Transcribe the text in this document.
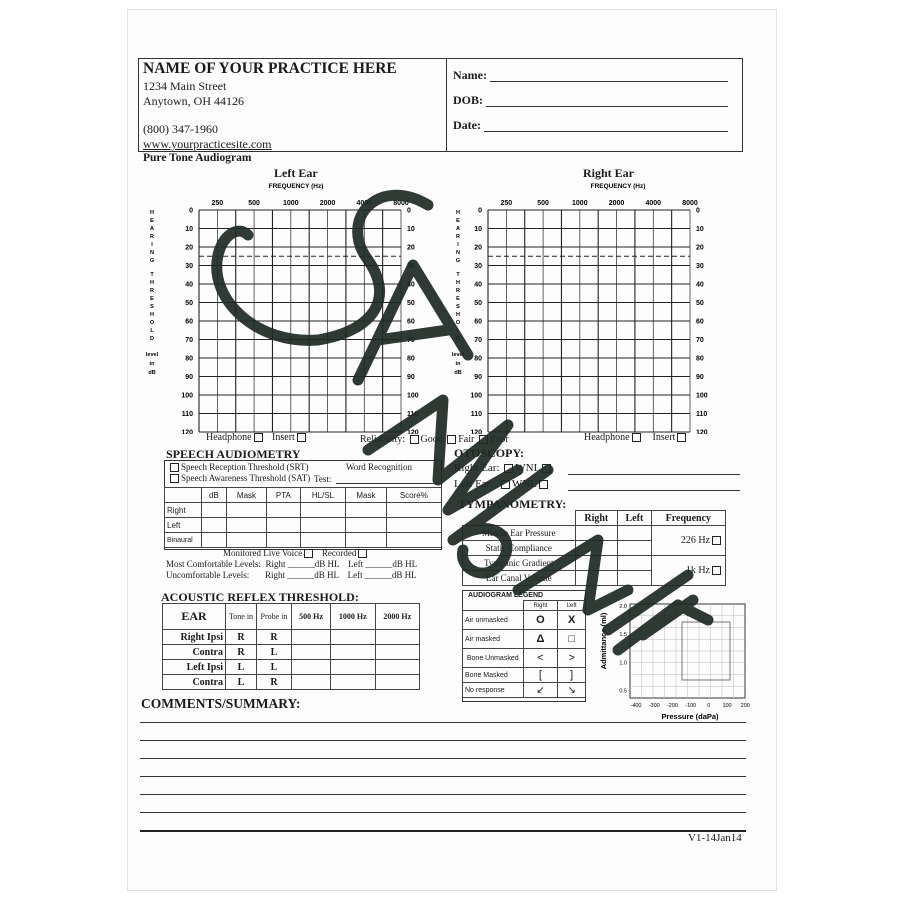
NAME OF YOUR PRACTICE HERE
1234 Main Street
Anytown, OH 44126
(800) 347-1960
www.yourpracticesite.com
Name:
DOB:
Date:
Pure Tone Audiogram
Left Ear	Right Ear
FREQUENCY (Hz)
250	500	1000	2000	4000	8000
0
10
20
30
40
50
60
70
80
90
100
110
120
0
10
20
30
40
50
60
70
80
90
100
110
120
H
E
A
R
I
N
G
T
H
R
E
S
H
O
L
D
level
in
dB
FREQUENCY (Hz)
250	500	1000	2000	4000	8000
0
10
20
30
40
50
60
70
80
90
100
110
120
0
10
20
30
40
50
60
70
80
90
100
110
120
H
E
A
R
I
N
G
T
H
R
E
S
H
O
L
D
level
in
dB
Headphone Insert	Headphone Insert
Reliability: Good Fair Poor
SPEECH AUDIOMETRY
Speech Reception Threshold (SRT)
Speech Awareness Threshold (SAT)
Word Recognition
Test:
	dB	Mask	PTA	HL/SL	Mask	Score%
Right						
Left						
Binaural						
Monitored Live Voice Recorded
Most Comfortable Levels:  Right ______dB HL    Left ______dB HL
Uncomfortable Levels:       Right ______dB HL    Left ______dB HL
OTOSCOPY:
Right Ear: WNL
Left Ear: WNL
TYMPANOMETRY:
	Right	Left	Frequency
Middle Ear Pressure			226 Hz
Static Compliance			
Tympanic Gradient			1k Hz
Ear Canal Volume			
ACOUSTIC REFLEX THRESHOLD:
EAR	Tone in	Probe in	500 Hz	1000 Hz	2000 Hz
Right Ipsi	R	R			
Contra	R	L			
Left Ipsi	L	L			
Contra	L	R			
AUDIOGRAM LEGEND
	Right	Left
Air unmasked	O	X
Air masked	Δ	□
Bone Unmasked	<	>
Bone Masked	[	]
No response	↙	↘
Admittance (ml)
Pressure (daPa)
2.0
1.5
1.0
0.5
-400 -300 -200 -100 0 100 200
COMMENTS/SUMMARY:
V1-14Jan14
